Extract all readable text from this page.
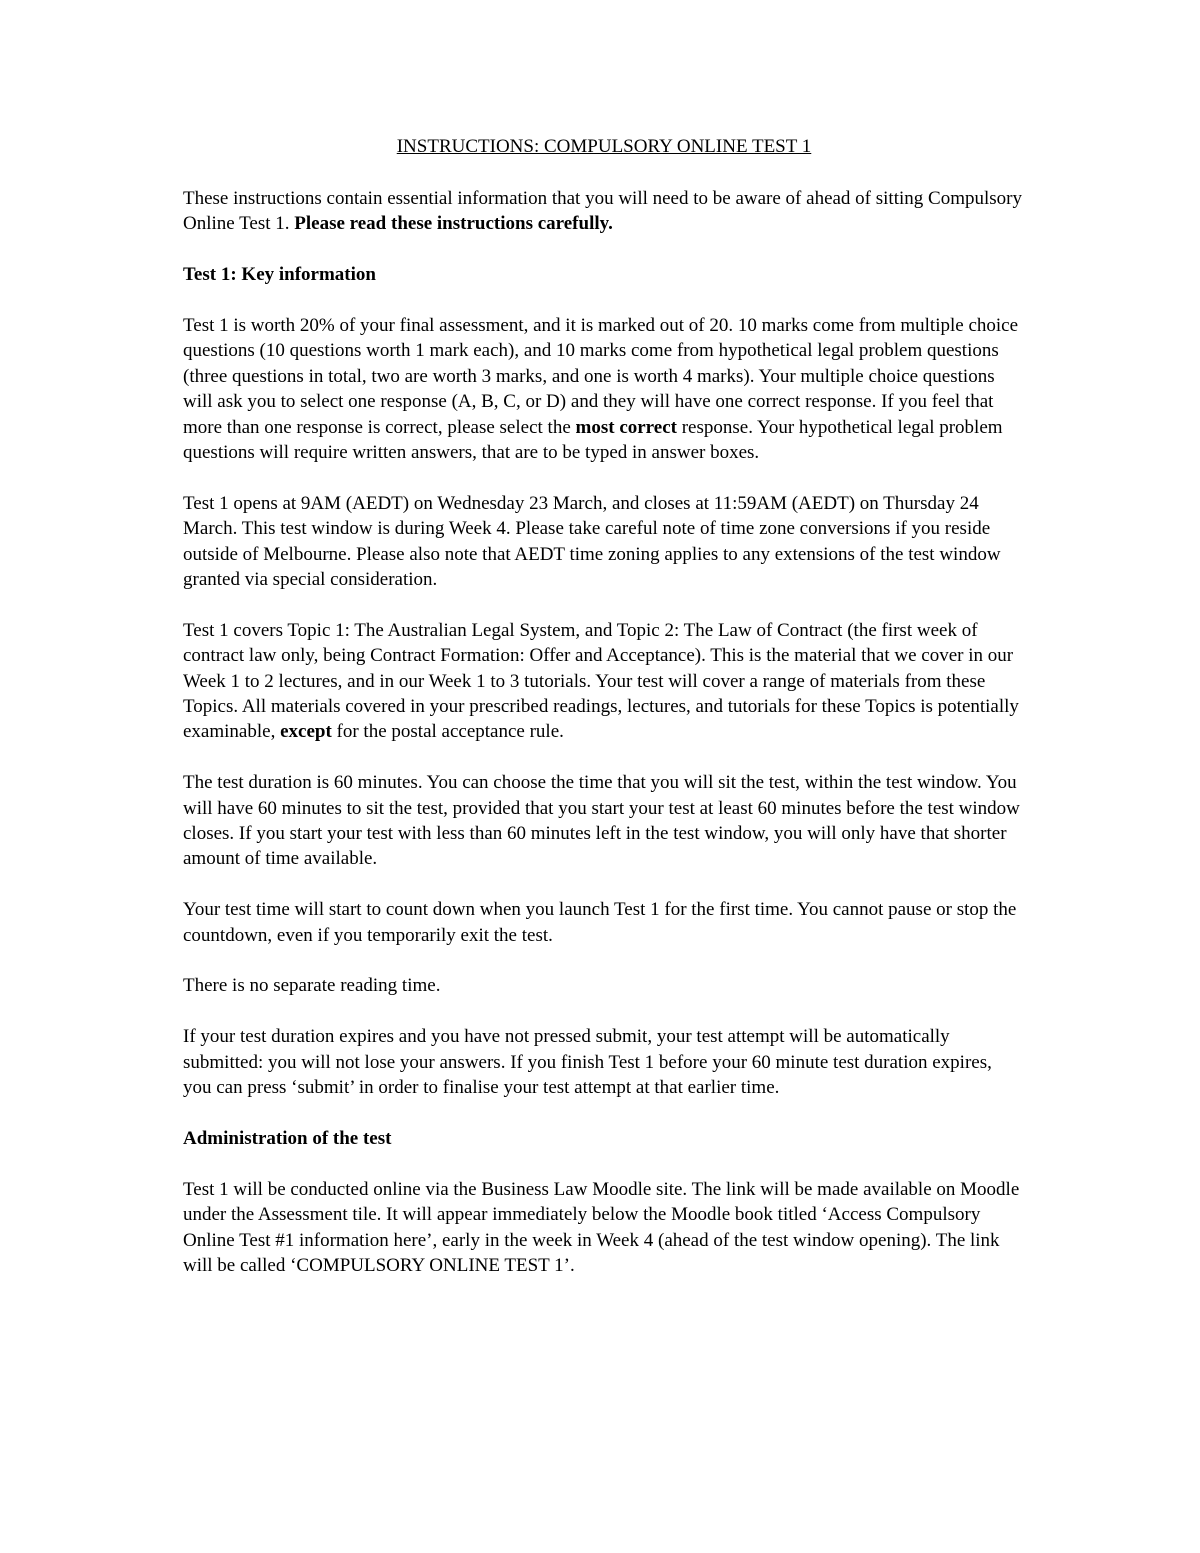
INSTRUCTIONS: COMPULSORY ONLINE TEST 1

These instructions contain essential information that you will need to be aware of ahead of sitting Compulsory Online Test 1. Please read these instructions carefully.

Test 1: Key information

Test 1 is worth 20% of your final assessment, and it is marked out of 20. 10 marks come from multiple choice questions (10 questions worth 1 mark each), and 10 marks come from hypothetical legal problem questions (three questions in total, two are worth 3 marks, and one is worth 4 marks). Your multiple choice questions will ask you to select one response (A, B, C, or D) and they will have one correct response. If you feel that more than one response is correct, please select the most correct response. Your hypothetical legal problem questions will require written answers, that are to be typed in answer boxes.

Test 1 opens at 9AM (AEDT) on Wednesday 23 March, and closes at 11:59AM (AEDT) on Thursday 24 March. This test window is during Week 4. Please take careful note of time zone conversions if you reside outside of Melbourne. Please also note that AEDT time zoning applies to any extensions of the test window granted via special consideration.

Test 1 covers Topic 1: The Australian Legal System, and Topic 2: The Law of Contract (the first week of contract law only, being Contract Formation: Offer and Acceptance). This is the material that we cover in our Week 1 to 2 lectures, and in our Week 1 to 3 tutorials. Your test will cover a range of materials from these Topics. All materials covered in your prescribed readings, lectures, and tutorials for these Topics is potentially examinable, except for the postal acceptance rule.

The test duration is 60 minutes. You can choose the time that you will sit the test, within the test window. You will have 60 minutes to sit the test, provided that you start your test at least 60 minutes before the test window closes. If you start your test with less than 60 minutes left in the test window, you will only have that shorter amount of time available.

Your test time will start to count down when you launch Test 1 for the first time. You cannot pause or stop the countdown, even if you temporarily exit the test.

There is no separate reading time.

If your test duration expires and you have not pressed submit, your test attempt will be automatically submitted: you will not lose your answers. If you finish Test 1 before your 60 minute test duration expires, you can press ‘submit’ in order to finalise your test attempt at that earlier time.

Administration of the test

Test 1 will be conducted online via the Business Law Moodle site. The link will be made available on Moodle under the Assessment tile. It will appear immediately below the Moodle book titled ‘Access Compulsory Online Test #1 information here’, early in the week in Week 4 (ahead of the test window opening). The link will be called ‘COMPULSORY ONLINE TEST 1’.
